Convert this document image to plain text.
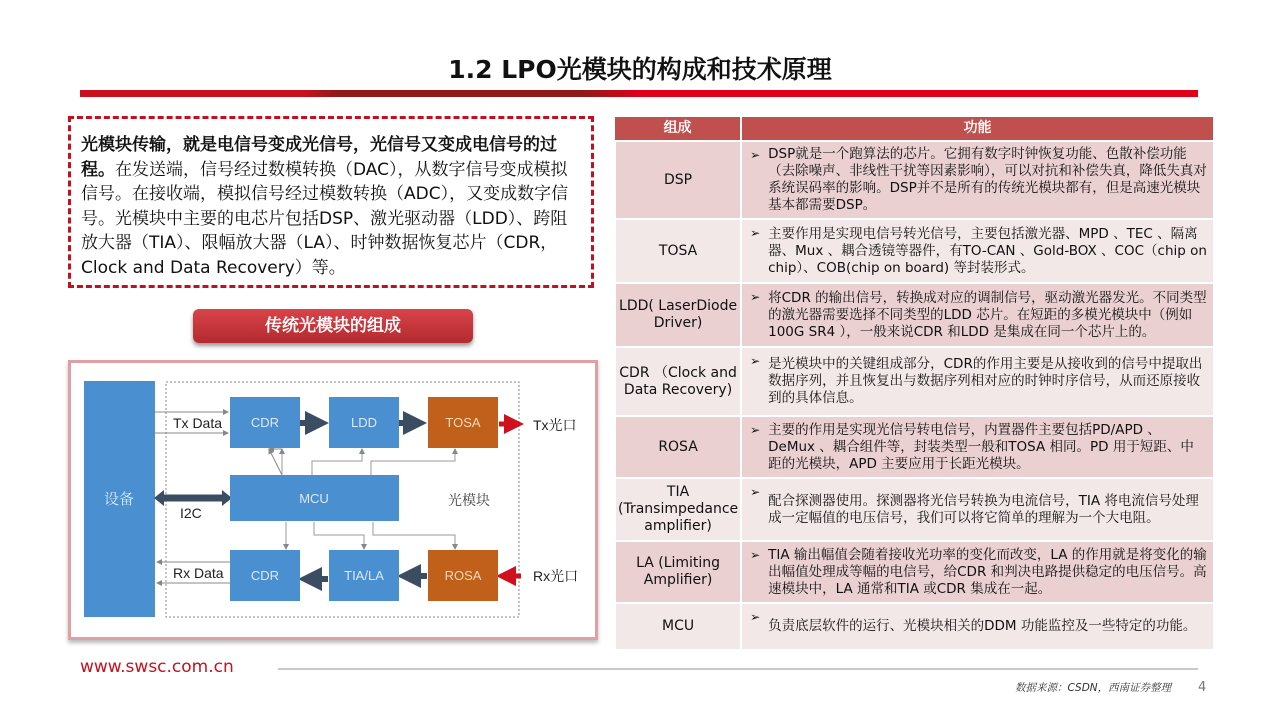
1.2 LPO光模块的构成和技术原理
光模块传输，就是电信号变成光信号，光信号又变成电信号的过程。在发送端，信号经过数模转换（DAC），从数字信号变成模拟信号。在接收端，模拟信号经过模数转换（ADC），又变成数字信号。光模块中主要的电芯片包括DSP、激光驱动器（LDD）、跨阻放大器（TIA）、限幅放大器（LA）、时钟数据恢复芯片（CDR，Clock and Data Recovery）等。
传统光模块的组成
设备
CDR	LDD	TOSA
MCU
CDR	TIA/LA	ROSA
Tx Data
Rx Data
I2C
光模块
Tx光口
Rx光口
组成	功能
DSP	➢ DSP就是一个跑算法的芯片。它拥有数字时钟恢复功能、色散补偿功能（去除噪声、非线性干扰等因素影响），可以对抗和补偿失真，降低失真对系统误码率的影响。DSP并不是所有的传统光模块都有，但是高速光模块基本都需要DSP。
TOSA	➢ 主要作用是实现电信号转光信号，主要包括激光器、MPD 、TEC 、隔离器、Mux 、耦合透镜等器件，有TO-CAN 、Gold-BOX 、COC（chip on chip）、COB(chip on board) 等封装形式。
LDD( LaserDiode Driver)	➢ 将CDR 的输出信号，转换成对应的调制信号，驱动激光器发光。不同类型的激光器需要选择不同类型的LDD 芯片。在短距的多模光模块中（例如100G SR4 ），一般来说CDR 和LDD 是集成在同一个芯片上的。
CDR （Clock and Data Recovery)	➢ 是光模块中的关键组成部分，CDR的作用主要是从接收到的信号中提取出数据序列，并且恢复出与数据序列相对应的时钟时序信号，从而还原接收到的具体信息。
ROSA	➢ 主要的作用是实现光信号转电信号，内置器件主要包括PD/APD 、DeMux 、耦合组件等，封装类型一般和TOSA 相同。PD 用于短距、中距的光模块，APD 主要应用于长距光模块。
TIA (Transimpedance amplifier)	➢ 配合探测器使用。探测器将光信号转换为电流信号，TIA 将电流信号处理成一定幅值的电压信号，我们可以将它简单的理解为一个大电阻。
LA (Limiting Amplifier)	➢ TIA 输出幅值会随着接收光功率的变化而改变，LA 的作用就是将变化的输出幅值处理成等幅的电信号，给CDR 和判决电路提供稳定的电压信号。高速模块中，LA 通常和TIA 或CDR 集成在一起。
MCU	➢ 负责底层软件的运行、光模块相关的DDM 功能监控及一些特定的功能。
www.swsc.com.cn
数据来源：CSDN，西南证券整理 4
